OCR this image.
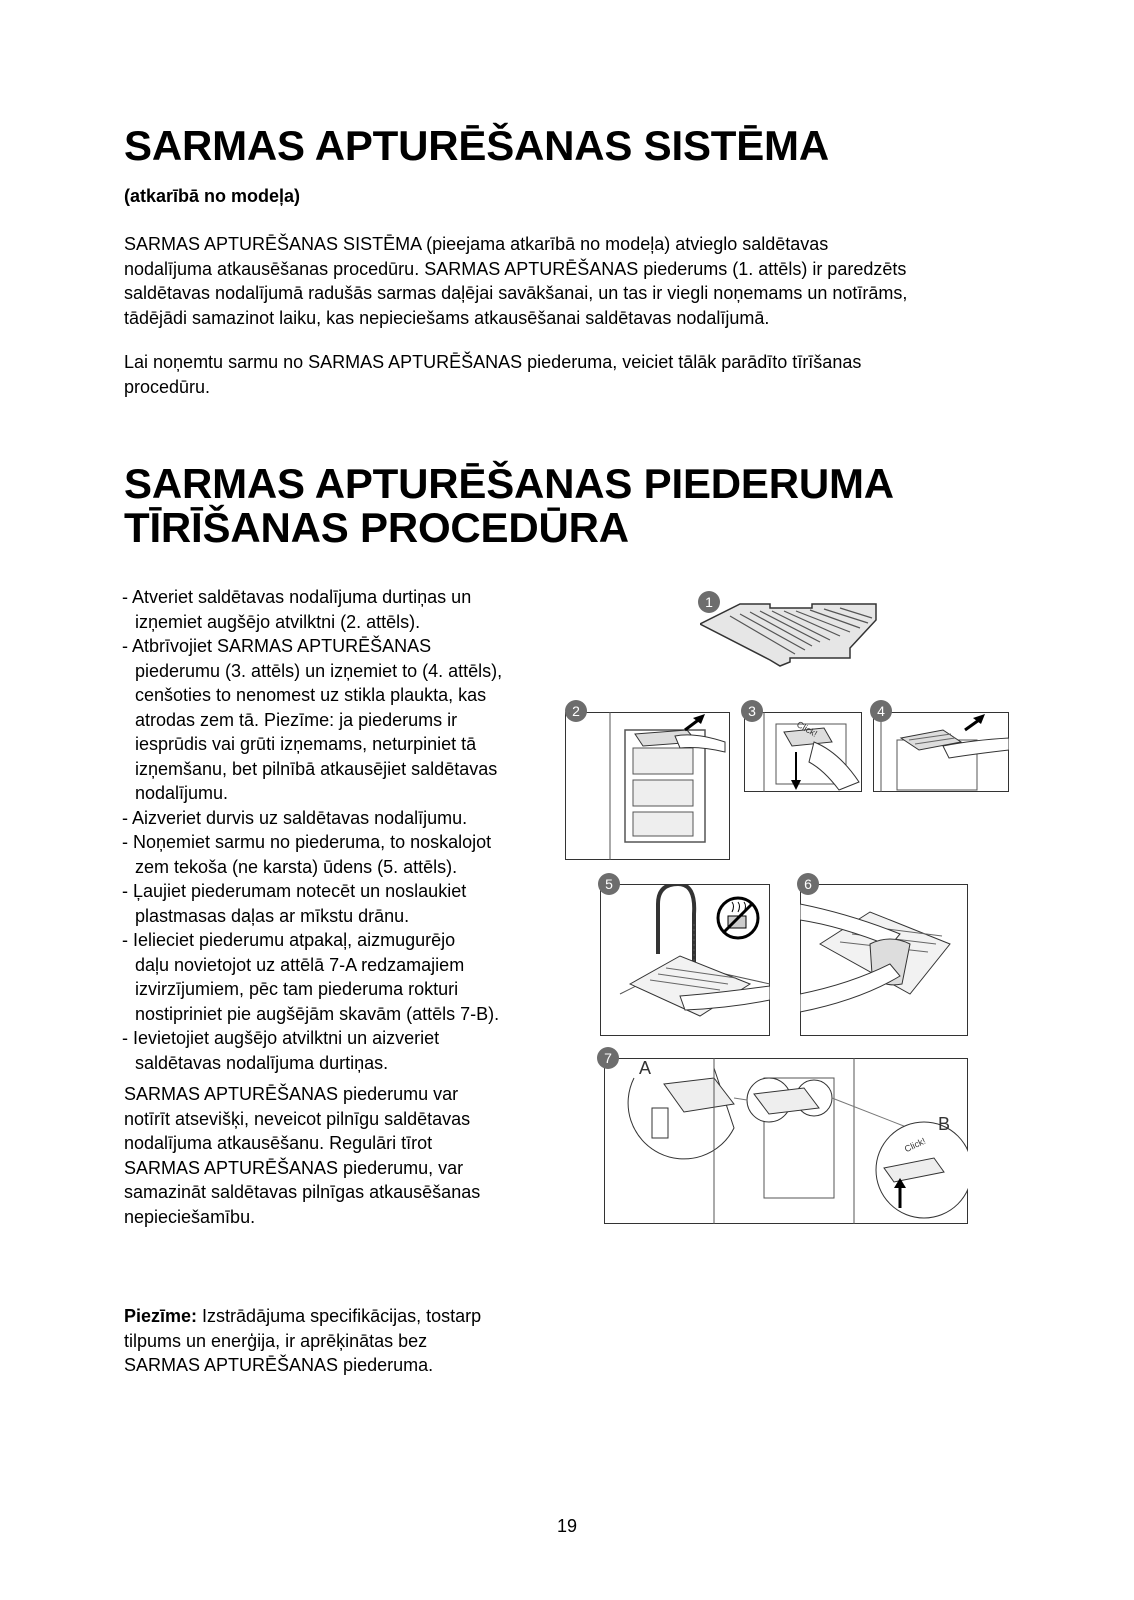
SARMAS APTURĒŠANAS SISTĒMA
(atkarībā no modeļa)

SARMAS APTURĒŠANAS SISTĒMA (pieejama atkarībā no modeļa) atvieglo saldētavas
nodalījuma atkausēšanas procedūru. SARMAS APTURĒŠANAS piederums (1. attēls) ir paredzēts
saldētavas nodalījumā radušās sarmas daļējai savākšanai, un tas ir viegli noņemams un notīrāms,
tādējādi samazinot laiku, kas nepieciešams atkausēšanai saldētavas nodalījumā.

Lai noņemtu sarmu no SARMAS APTURĒŠANAS piederuma, veiciet tālāk parādīto tīrīšanas
procedūru.

SARMAS APTURĒŠANAS PIEDERUMA
TĪRĪŠANAS PROCEDŪRA
- Atveriet saldētavas nodalījuma durtiņas un
izņemiet augšējo atvilktni (2. attēls).
- Atbrīvojiet SARMAS APTURĒŠANAS
piederumu (3. attēls) un izņemiet to (4. attēls),
cenšoties to nenomest uz stikla plaukta, kas
atrodas zem tā. Piezīme: ja piederums ir
iesprūdis vai grūti izņemams, neturpiniet tā
izņemšanu, bet pilnībā atkausējiet saldētavas
nodalījumu.
- Aizveriet durvis uz saldētavas nodalījumu.
- Noņemiet sarmu no piederuma, to noskalojot
zem tekoša (ne karsta) ūdens (5. attēls).
- Ļaujiet piederumam notecēt un noslaukiet
plastmasas daļas ar mīkstu drānu.
- Ielieciet piederumu atpakaļ, aizmugurējo
daļu novietojot uz attēlā 7-A redzamajiem
izvirzījumiem, pēc tam piederuma rokturi
nostipriniet pie augšējām skavām (attēls 7-B).
- Ievietojiet augšējo atvilktni un aizveriet
saldētavas nodalījuma durtiņas.

SARMAS APTURĒŠANAS piederumu var
notīrīt atsevišķi, neveicot pilnīgu saldētavas
nodalījuma atkausēšanu. Regulāri tīrot
SARMAS APTURĒŠANAS piederumu, var
samazināt saldētavas pilnīgas atkausēšanas
nepieciešamību.

Piezīme: Izstrādājuma specifikācijas, tostarp
tilpums un enerģija, ir aprēķinātas bez
SARMAS APTURĒŠANAS piederuma.

1
2
Click!
3	4
5	6
7	A
B
Click!
19
